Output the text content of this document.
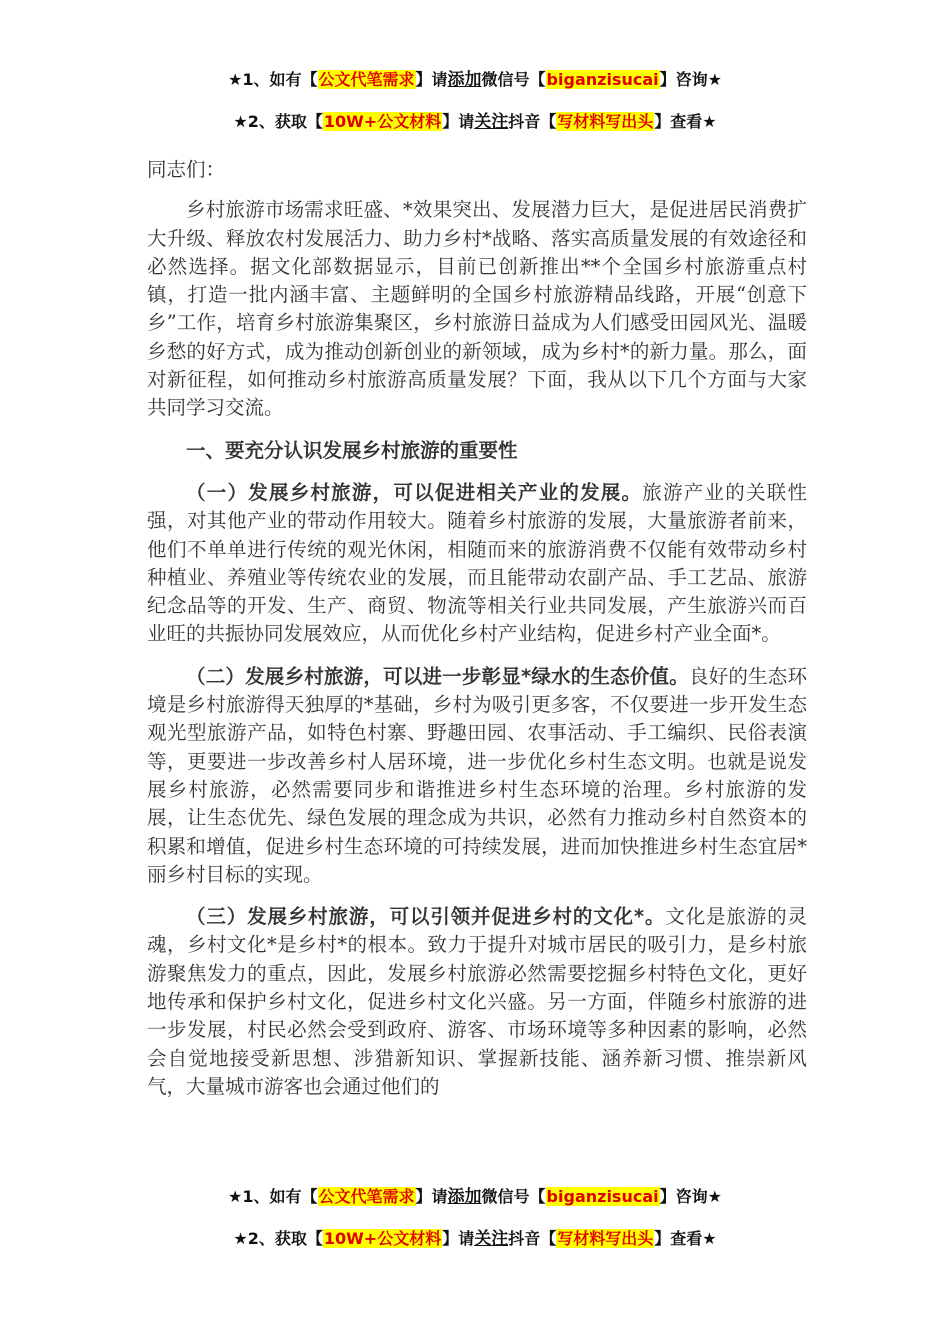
★1、如有【公文代笔需求】请添加微信号【biganzisucai】咨询★
★2、获取【10W+公文材料】请关注抖音【写材料写出头】查看★

同志们：

乡村旅游市场需求旺盛、*效果突出、发展潜力巨大，是促进居民消费扩大升级、释放农村发展活力、助力乡村*战略、落实高质量发展的有效途径和必然选择。据文化部数据显示，目前已创新推出**个全国乡村旅游重点村镇，打造一批内涵丰富、主题鲜明的全国乡村旅游精品线路，开展“创意下乡”工作，培育乡村旅游集聚区，乡村旅游日益成为人们感受田园风光、温暖乡愁的好方式，成为推动创新创业的新领域，成为乡村*的新力量。那么，面对新征程，如何推动乡村旅游高质量发展？下面，我从以下几个方面与大家共同学习交流。

一、要充分认识发展乡村旅游的重要性

（一）发展乡村旅游，可以促进相关产业的发展。旅游产业的关联性强，对其他产业的带动作用较大。随着乡村旅游的发展，大量旅游者前来，他们不单单进行传统的观光休闲，相随而来的旅游消费不仅能有效带动乡村种植业、养殖业等传统农业的发展，而且能带动农副产品、手工艺品、旅游纪念品等的开发、生产、商贸、物流等相关行业共同发展，产生旅游兴而百业旺的共振协同发展效应，从而优化乡村产业结构，促进乡村产业全面*。

（二）发展乡村旅游，可以进一步彰显*绿水的生态价值。良好的生态环境是乡村旅游得天独厚的*基础，乡村为吸引更多客，不仅要进一步开发生态观光型旅游产品，如特色村寨、野趣田园、农事活动、手工编织、民俗表演等，更要进一步改善乡村人居环境，进一步优化乡村生态文明。也就是说发展乡村旅游，必然需要同步和谐推进乡村生态环境的治理。乡村旅游的发展，让生态优先、绿色发展的理念成为共识，必然有力推动乡村自然资本的积累和增值，促进乡村生态环境的可持续发展，进而加快推进乡村生态宜居*丽乡村目标的实现。

（三）发展乡村旅游，可以引领并促进乡村的文化*。文化是旅游的灵魂，乡村文化*是乡村*的根本。致力于提升对城市居民的吸引力，是乡村旅游聚焦发力的重点，因此，发展乡村旅游必然需要挖掘乡村特色文化，更好地传承和保护乡村文化，促进乡村文化兴盛。另一方面，伴随乡村旅游的进一步发展，村民必然会受到政府、游客、市场环境等多种因素的影响，必然会自觉地接受新思想、涉猎新知识、掌握新技能、涵养新习惯、推崇新风气，大量城市游客也会通过他们的

★1、如有【公文代笔需求】请添加微信号【biganzisucai】咨询★
★2、获取【10W+公文材料】请关注抖音【写材料写出头】查看★
